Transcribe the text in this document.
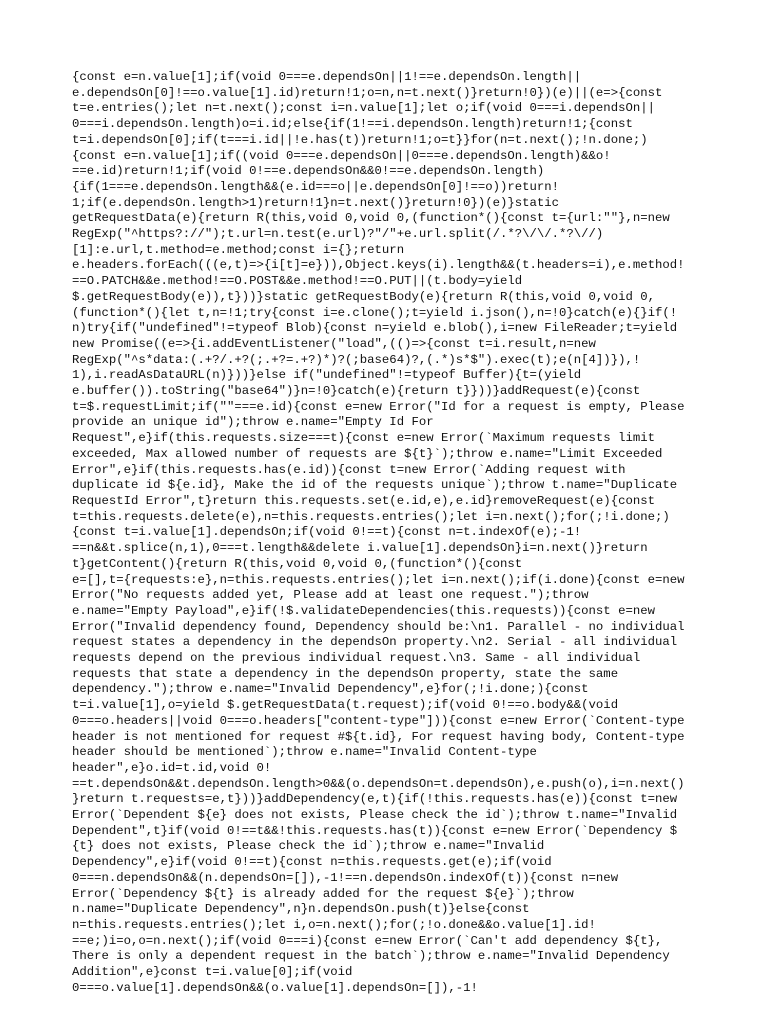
{const e=n.value[1];if(void 0===e.dependsOn||1!==e.dependsOn.length||
e.dependsOn[0]!==o.value[1].id)return!1;o=n,n=t.next()}return!0})(e)||(e=>{const
t=e.entries();let n=t.next();const i=n.value[1];let o;if(void 0===i.dependsOn||
0===i.dependsOn.length)o=i.id;else{if(1!==i.dependsOn.length)return!1;{const
t=i.dependsOn[0];if(t===i.id||!e.has(t))return!1;o=t}}for(n=t.next();!n.done;)
{const e=n.value[1];if((void 0===e.dependsOn||0===e.dependsOn.length)&&o!
==e.id)return!1;if(void 0!==e.dependsOn&&0!==e.dependsOn.length)
{if(1===e.dependsOn.length&&(e.id===o||e.dependsOn[0]!==o))return!
1;if(e.dependsOn.length>1)return!1}n=t.next()}return!0})(e)}static
getRequestData(e){return R(this,void 0,void 0,(function*(){const t={url:""},n=new
RegExp("^https?://");t.url=n.test(e.url)?"/"+e.url.split(/.*?\/\/.*?\//)
[1]:e.url,t.method=e.method;const i={};return
e.headers.forEach(((e,t)=>{i[t]=e})),Object.keys(i).length&&(t.headers=i),e.method!
==O.PATCH&&e.method!==O.POST&&e.method!==O.PUT||(t.body=yield
$.getRequestBody(e)),t}))}static getRequestBody(e){return R(this,void 0,void 0,
(function*(){let t,n=!1;try{const i=e.clone();t=yield i.json(),n=!0}catch(e){}if(!
n)try{if("undefined"!=typeof Blob){const n=yield e.blob(),i=new FileReader;t=yield
new Promise((e=>{i.addEventListener("load",(()=>{const t=i.result,n=new
RegExp("^s*data:(.+?/.+?(;.+?=.+?)*)?(;base64)?,(.*)s*$").exec(t);e(n[4])}),!
1),i.readAsDataURL(n)}))}else if("undefined"!=typeof Buffer){t=(yield
e.buffer()).toString("base64")}n=!0}catch(e){return t}}))}addRequest(e){const
t=$.requestLimit;if(""===e.id){const e=new Error("Id for a request is empty, Please
provide an unique id");throw e.name="Empty Id For
Request",e}if(this.requests.size===t){const e=new Error(`Maximum requests limit
exceeded, Max allowed number of requests are ${t}`);throw e.name="Limit Exceeded
Error",e}if(this.requests.has(e.id)){const t=new Error(`Adding request with
duplicate id ${e.id}, Make the id of the requests unique`);throw t.name="Duplicate
RequestId Error",t}return this.requests.set(e.id,e),e.id}removeRequest(e){const
t=this.requests.delete(e),n=this.requests.entries();let i=n.next();for(;!i.done;)
{const t=i.value[1].dependsOn;if(void 0!==t){const n=t.indexOf(e);-1!
==n&&t.splice(n,1),0===t.length&&delete i.value[1].dependsOn}i=n.next()}return
t}getContent(){return R(this,void 0,void 0,(function*(){const
e=[],t={requests:e},n=this.requests.entries();let i=n.next();if(i.done){const e=new
Error("No requests added yet, Please add at least one request.");throw
e.name="Empty Payload",e}if(!$.validateDependencies(this.requests)){const e=new
Error("Invalid dependency found, Dependency should be:\n1. Parallel - no individual
request states a dependency in the dependsOn property.\n2. Serial - all individual
requests depend on the previous individual request.\n3. Same - all individual
requests that state a dependency in the dependsOn property, state the same
dependency.");throw e.name="Invalid Dependency",e}for(;!i.done;){const
t=i.value[1],o=yield $.getRequestData(t.request);if(void 0!==o.body&&(void
0===o.headers||void 0===o.headers["content-type"])){const e=new Error(`Content-type
header is not mentioned for request #${t.id}, For request having body, Content-type
header should be mentioned`);throw e.name="Invalid Content-type
header",e}o.id=t.id,void 0!
==t.dependsOn&&t.dependsOn.length>0&&(o.dependsOn=t.dependsOn),e.push(o),i=n.next()
}return t.requests=e,t}))}addDependency(e,t){if(!this.requests.has(e)){const t=new
Error(`Dependent ${e} does not exists, Please check the id`);throw t.name="Invalid
Dependent",t}if(void 0!==t&&!this.requests.has(t)){const e=new Error(`Dependency $
{t} does not exists, Please check the id`);throw e.name="Invalid
Dependency",e}if(void 0!==t){const n=this.requests.get(e);if(void
0===n.dependsOn&&(n.dependsOn=[]),-1!==n.dependsOn.indexOf(t)){const n=new
Error(`Dependency ${t} is already added for the request ${e}`);throw
n.name="Duplicate Dependency",n}n.dependsOn.push(t)}else{const
n=this.requests.entries();let i,o=n.next();for(;!o.done&&o.value[1].id!
==e;)i=o,o=n.next();if(void 0===i){const e=new Error(`Can't add dependency ${t},
There is only a dependent request in the batch`);throw e.name="Invalid Dependency
Addition",e}const t=i.value[0];if(void
0===o.value[1].dependsOn&&(o.value[1].dependsOn=[]),-1!
